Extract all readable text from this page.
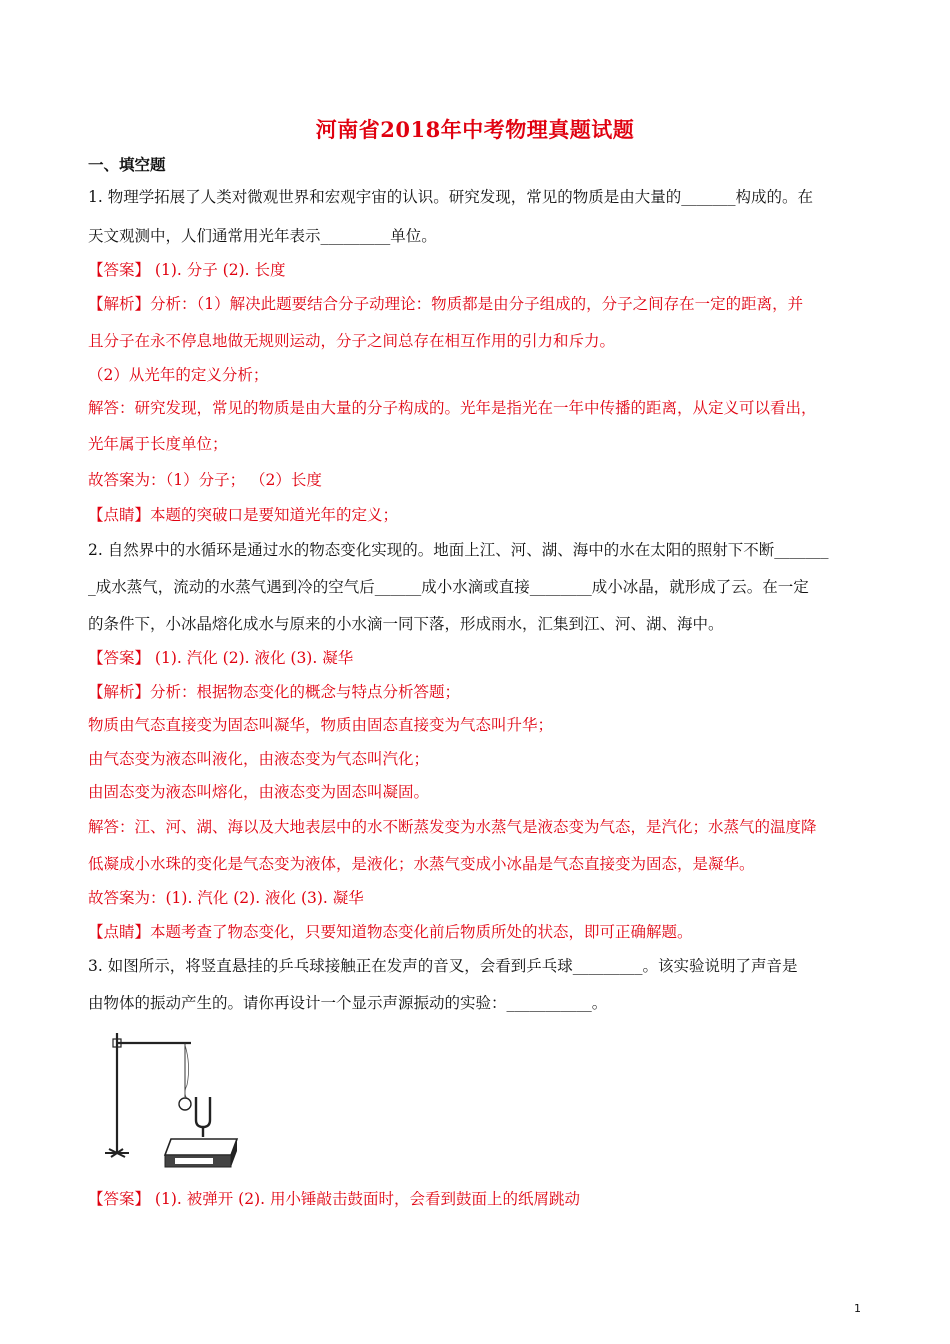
河南省2018年中考物理真题试题
一、填空题
1. 物理学拓展了人类对微观世界和宏观宇宙的认识。研究发现，常见的物质是由大量的_______构成的。在
天文观测中，人们通常用光年表示_________单位。
【答案】 (1). 分子 (2). 长度
【解析】分析：（1）解决此题要结合分子动理论：物质都是由分子组成的，分子之间存在一定的距离，并
且分子在永不停息地做无规则运动，分子之间总存在相互作用的引力和斥力。
（2）从光年的定义分析；
解答：研究发现，常见的物质是由大量的分子构成的。光年是指光在一年中传播的距离，从定义可以看出，
光年属于长度单位；
故答案为：（1）分子； （2）长度
【点睛】本题的突破口是要知道光年的定义；
2. 自然界中的水循环是通过水的物态变化实现的。地面上江、河、湖、海中的水在太阳的照射下不断_______
_成水蒸气，流动的水蒸气遇到冷的空气后______成小水滴或直接________成小冰晶，就形成了云。在一定
的条件下，小冰晶熔化成水与原来的小水滴一同下落，形成雨水，汇集到江、河、湖、海中。
【答案】 (1). 汽化 (2). 液化 (3). 凝华
【解析】分析：根据物态变化的概念与特点分析答题；
物质由气态直接变为固态叫凝华，物质由固态直接变为气态叫升华；
由气态变为液态叫液化，由液态变为气态叫汽化；
由固态变为液态叫熔化，由液态变为固态叫凝固。
解答：江、河、湖、海以及大地表层中的水不断蒸发变为水蒸气是液态变为气态，是汽化；水蒸气的温度降
低凝成小水珠的变化是气态变为液体，是液化；水蒸气变成小冰晶是气态直接变为固态，是凝华。
故答案为：(1). 汽化 (2). 液化 (3). 凝华
【点睛】本题考查了物态变化，只要知道物态变化前后物质所处的状态，即可正确解题。
3. 如图所示，将竖直悬挂的乒乓球接触正在发声的音叉，会看到乒乓球_________。该实验说明了声音是
由物体的振动产生的。请你再设计一个显示声源振动的实验：___________。
【答案】 (1). 被弹开 (2). 用小锤敲击鼓面时，会看到鼓面上的纸屑跳动
1
